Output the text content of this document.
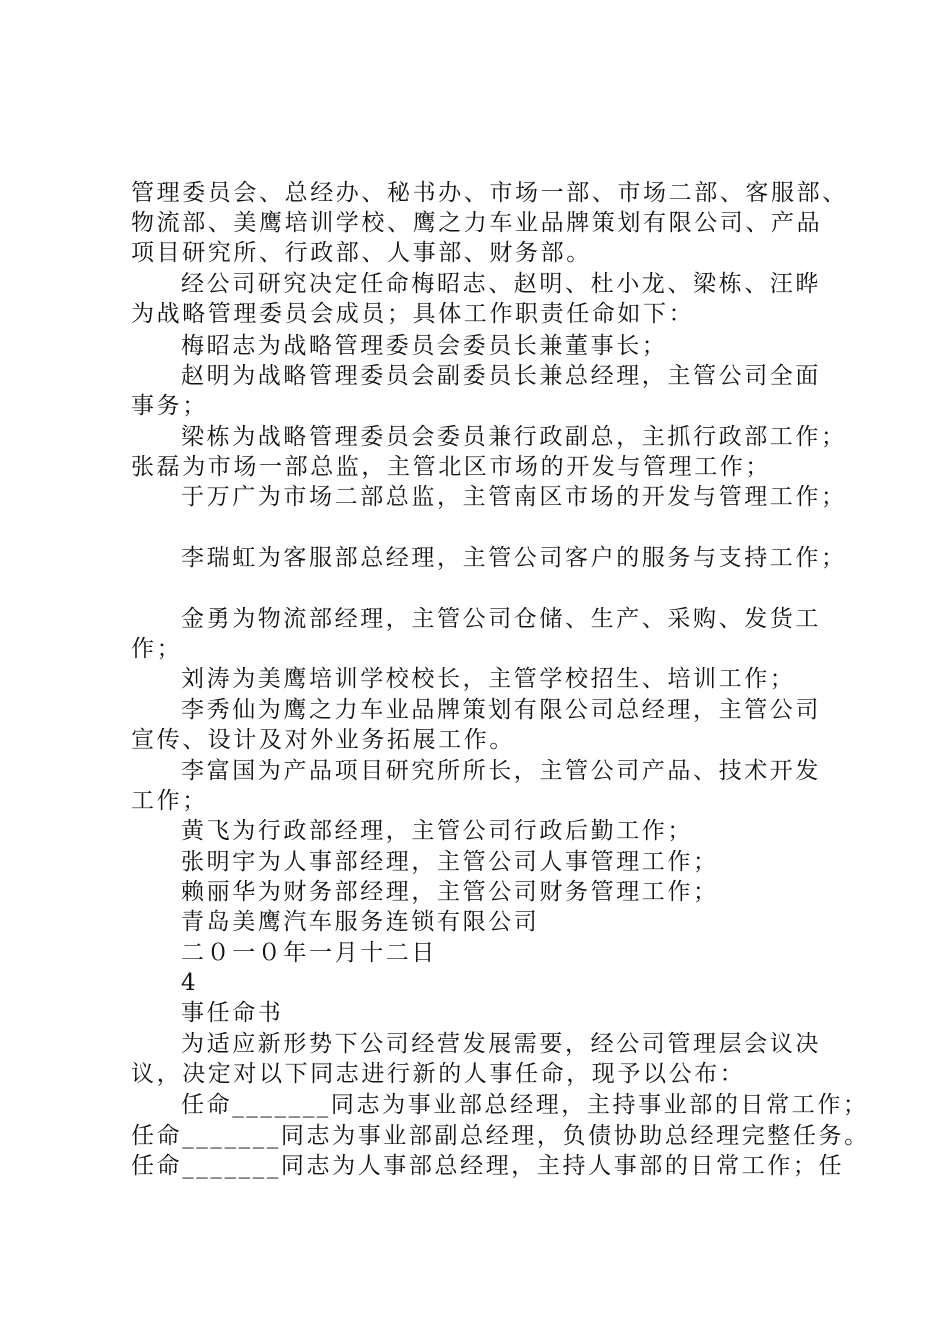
管理委员会、总经办、秘书办、市场一部、市场二部、客服部、
物流部、美鹰培训学校、鹰之力车业品牌策划有限公司、产品
项目研究所、行政部、人事部、财务部。
经公司研究决定任命梅昭志、赵明、杜小龙、梁栋、汪晔
为战略管理委员会成员；具体工作职责任命如下：
梅昭志为战略管理委员会委员长兼董事长；
赵明为战略管理委员会副委员长兼总经理，主管公司全面
事务；
梁栋为战略管理委员会委员兼行政副总，主抓行政部工作；
张磊为市场一部总监，主管北区市场的开发与管理工作；
于万广为市场二部总监，主管南区市场的开发与管理工作；
李瑞虹为客服部总经理，主管公司客户的服务与支持工作；
金勇为物流部经理，主管公司仓储、生产、采购、发货工
作；
刘涛为美鹰培训学校校长，主管学校招生、培训工作；
李秀仙为鹰之力车业品牌策划有限公司总经理，主管公司
宣传、设计及对外业务拓展工作。
李富国为产品项目研究所所长，主管公司产品、技术开发
工作；
黄飞为行政部经理，主管公司行政后勤工作；
张明宇为人事部经理，主管公司人事管理工作；
赖丽华为财务部经理，主管公司财务管理工作；
青岛美鹰汽车服务连锁有限公司
二０一０年一月十二日
4
事任命书
为适应新形势下公司经营发展需要，经公司管理层会议决
议，决定对以下同志进行新的人事任命，现予以公布：
任命_______同志为事业部总经理，主持事业部的日常工作；
任命_______同志为事业部副总经理，负债协助总经理完整任务。
任命_______同志为人事部总经理，主持人事部的日常工作；任
